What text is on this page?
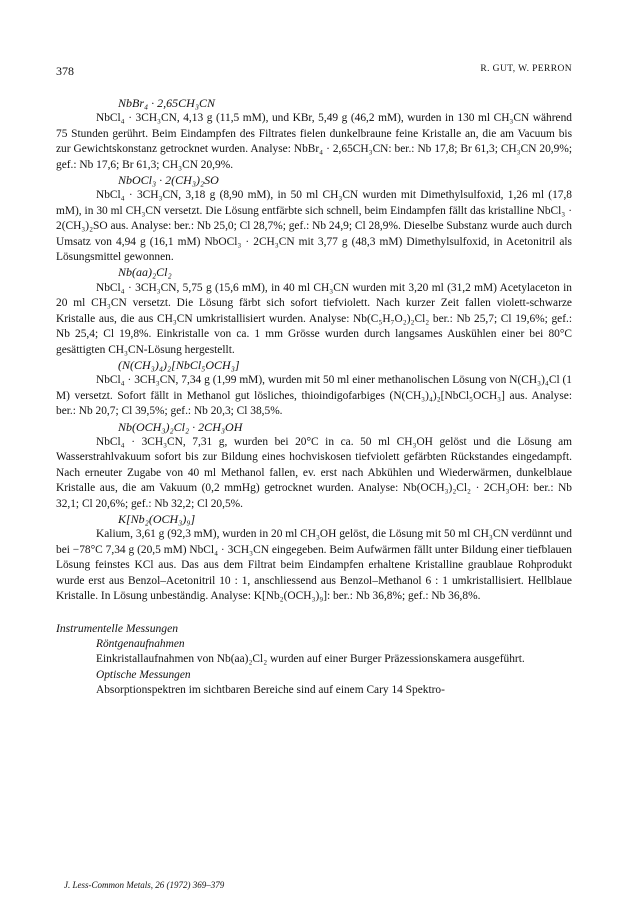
378	R. GUT, W. PERRON
NbBr₄ · 2,65CH₃CN

NbCl₄ · 3CH₃CN, 4,13 g (11,5 mM), und KBr, 5,49 g (46,2 mM), wurden in 130 ml CH₃CN während 75 Stunden gerührt. Beim Eindampfen des Filtrates fielen dunkelbraune feine Kristalle an, die am Vacuum bis zur Gewichtskonstanz getrocknet wurden. Analyse: NbBr₄ · 2,65CH₃CN: ber.: Nb 17,8; Br 61,3; CH₃CN 20,9%; gef.: Nb 17,6; Br 61,3; CH₃CN 20,9%.

NbOCl₃ · 2(CH₃)₂SO

NbCl₄ · 3CH₃CN, 3,18 g (8,90 mM), in 50 ml CH₃CN wurden mit Dimethylsulfoxid, 1,26 ml (17,8 mM), in 30 ml CH₃CN versetzt. Die Lösung entfärbte sich schnell, beim Eindampfen fällt das kristalline NbCl₃ · 2(CH₃)₂SO aus. Analyse: ber.: Nb 25,0; Cl 28,7%; gef.: Nb 24,9; Cl 28,9%. Dieselbe Substanz wurde auch durch Umsatz von 4,94 g (16,1 mM) NbOCl₃ · 2CH₃CN mit 3,77 g (48,3 mM) Dimethylsulfoxid, in Acetonitril als Lösungsmittel gewonnen.

Nb(aa)₂Cl₂

NbCl₄ · 3CH₃CN, 5,75 g (15,6 mM), in 40 ml CH₃CN wurden mit 3,20 ml (31,2 mM) Acetylaceton in 20 ml CH₃CN versetzt. Die Lösung färbt sich sofort tiefviolett. Nach kurzer Zeit fallen violett-schwarze Kristalle aus, die aus CH₃CN umkristallisiert wurden. Analyse: Nb(C₅H₇O₂)₂Cl₂ ber.: Nb 25,7; Cl 19,6%; gef.: Nb 25,4; Cl 19,8%. Einkristalle von ca. 1 mm Grösse wurden durch langsames Auskühlen einer bei 80°C gesättigten CH₃CN-Lösung hergestellt.

(N(CH₃)₄)₂[NbCl₅OCH₃]

NbCl₄ · 3CH₃CN, 7,34 g (1,99 mM), wurden mit 50 ml einer methanolischen Lösung von N(CH₃)₄Cl (1 M) versetzt. Sofort fällt in Methanol gut lösliches, thioindigofarbiges (N(CH₃)₄)₂[NbCl₅OCH₃] aus. Analyse: ber.: Nb 20,7; Cl 39,5%; gef.: Nb 20,3; Cl 38,5%.

Nb(OCH₃)₂Cl₂ · 2CH₃OH

NbCl₄ · 3CH₃CN, 7,31 g, wurden bei 20°C in ca. 50 ml CH₃OH gelöst und die Lösung am Wasserstrahlvakuum sofort bis zur Bildung eines hochviskosen tiefviolett gefärbten Rückstandes eingedampft. Nach erneuter Zugabe von 40 ml Methanol fallen, ev. erst nach Abkühlen und Wiederwärmen, dunkelblaue Kristalle aus, die am Vakuum (0,2 mmHg) getrocknet wurden. Analyse: Nb(OCH₃)₂Cl₂ · 2CH₃OH: ber.: Nb 32,1; Cl 20,6%; gef.: Nb 32,2; Cl 20,5%.

K[Nb₂(OCH₃)₉]

Kalium, 3,61 g (92,3 mM), wurden in 20 ml CH₃OH gelöst, die Lösung mit 50 ml CH₃CN verdünnt und bei −78°C 7,34 g (20,5 mM) NbCl₄ · 3CH₃CN eingegeben. Beim Aufwärmen fällt unter Bildung einer tiefblauen Lösung feinstes KCl aus. Das aus dem Filtrat beim Eindampfen erhaltene Kristalline graublaue Rohprodukt wurde erst aus Benzol–Acetonitril 10 : 1, anschliessend aus Benzol–Methanol 6 : 1 umkristallisiert. Hellblaue Kristalle. In Lösung unbeständig. Analyse: K[Nb₂(OCH₃)₉]: ber.: Nb 36,8%; gef.: Nb 36,8%.

Instrumentelle Messungen
Röntgenaufnahmen

Einkristallaufnahmen von Nb(aa)₂Cl₂ wurden auf einer Burger Präzessionskamera ausgeführt.

Optische Messungen

Absorptionspektren im sichtbaren Bereiche sind auf einem Cary 14 Spektro-

J. Less-Common Metals, 26 (1972) 369–379
